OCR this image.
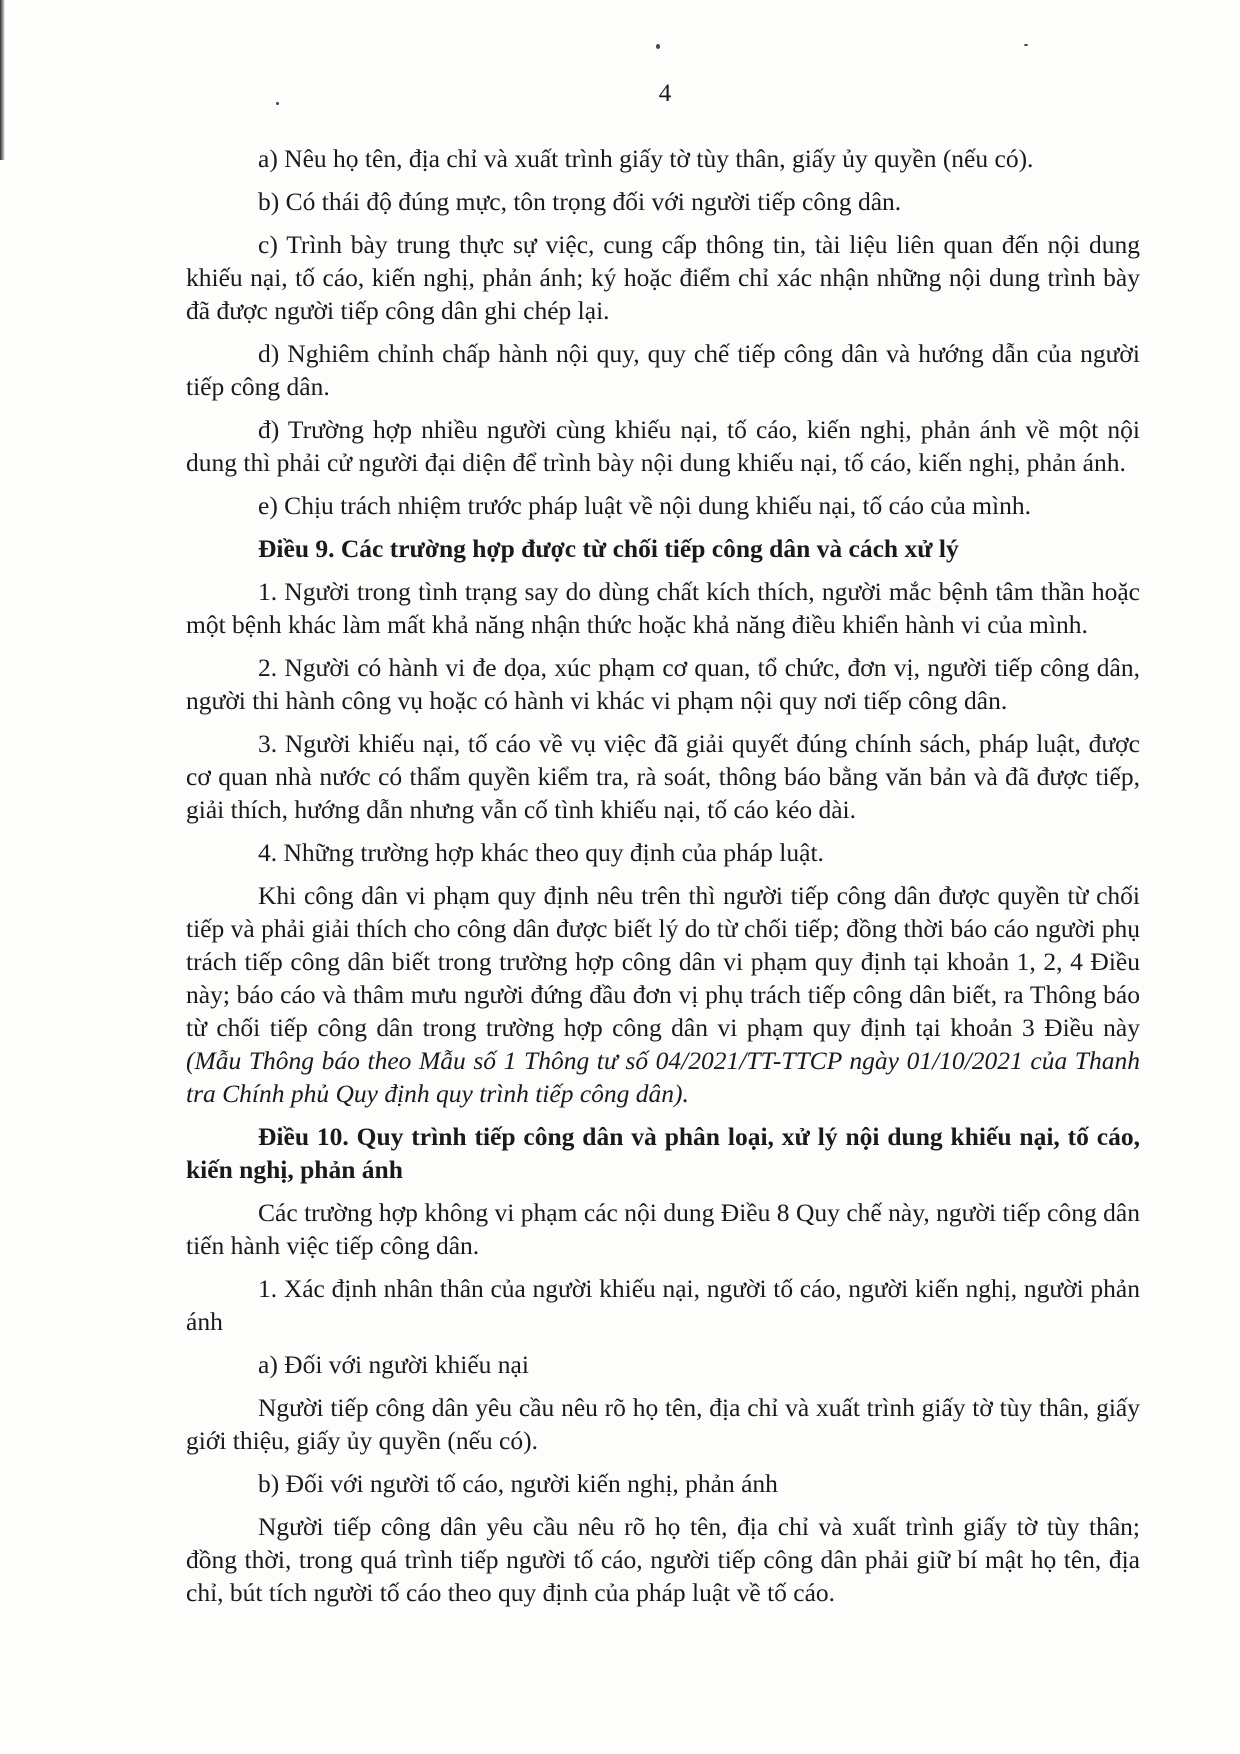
4

a) Nêu họ tên, địa chỉ và xuất trình giấy tờ tùy thân, giấy ủy quyền (nếu có).

b) Có thái độ đúng mực, tôn trọng đối với người tiếp công dân.

c) Trình bày trung thực sự việc, cung cấp thông tin, tài liệu liên quan đến nội dung khiếu nại, tố cáo, kiến nghị, phản ánh; ký hoặc điểm chỉ xác nhận những nội dung trình bày đã được người tiếp công dân ghi chép lại.

d) Nghiêm chỉnh chấp hành nội quy, quy chế tiếp công dân và hướng dẫn của người tiếp công dân.

đ) Trường hợp nhiều người cùng khiếu nại, tố cáo, kiến nghị, phản ánh về một nội dung thì phải cử người đại diện để trình bày nội dung khiếu nại, tố cáo, kiến nghị, phản ánh.

e) Chịu trách nhiệm trước pháp luật về nội dung khiếu nại, tố cáo của mình.

Điều 9. Các trường hợp được từ chối tiếp công dân và cách xử lý

1. Người trong tình trạng say do dùng chất kích thích, người mắc bệnh tâm thần hoặc một bệnh khác làm mất khả năng nhận thức hoặc khả năng điều khiển hành vi của mình.

2. Người có hành vi đe dọa, xúc phạm cơ quan, tổ chức, đơn vị, người tiếp công dân, người thi hành công vụ hoặc có hành vi khác vi phạm nội quy nơi tiếp công dân.

3. Người khiếu nại, tố cáo về vụ việc đã giải quyết đúng chính sách, pháp luật, được cơ quan nhà nước có thẩm quyền kiểm tra, rà soát, thông báo bằng văn bản và đã được tiếp, giải thích, hướng dẫn nhưng vẫn cố tình khiếu nại, tố cáo kéo dài.

4. Những trường hợp khác theo quy định của pháp luật.

Khi công dân vi phạm quy định nêu trên thì người tiếp công dân được quyền từ chối tiếp và phải giải thích cho công dân được biết lý do từ chối tiếp; đồng thời báo cáo người phụ trách tiếp công dân biết trong trường hợp công dân vi phạm quy định tại khoản 1, 2, 4 Điều này; báo cáo và thâm mưu người đứng đầu đơn vị phụ trách tiếp công dân biết, ra Thông báo từ chối tiếp công dân trong trường hợp công dân vi phạm quy định tại khoản 3 Điều này (Mẫu Thông báo theo Mẫu số 1 Thông tư số 04/2021/TT-TTCP ngày 01/10/2021 của Thanh tra Chính phủ Quy định quy trình tiếp công dân).

Điều 10. Quy trình tiếp công dân và phân loại, xử lý nội dung khiếu nại, tố cáo, kiến nghị, phản ánh

Các trường hợp không vi phạm các nội dung Điều 8 Quy chế này, người tiếp công dân tiến hành việc tiếp công dân.

1. Xác định nhân thân của người khiếu nại, người tố cáo, người kiến nghị, người phản ánh

a) Đối với người khiếu nại

Người tiếp công dân yêu cầu nêu rõ họ tên, địa chỉ và xuất trình giấy tờ tùy thân, giấy giới thiệu, giấy ủy quyền (nếu có).

b) Đối với người tố cáo, người kiến nghị, phản ánh

Người tiếp công dân yêu cầu nêu rõ họ tên, địa chỉ và xuất trình giấy tờ tùy thân; đồng thời, trong quá trình tiếp người tố cáo, người tiếp công dân phải giữ bí mật họ tên, địa chỉ, bút tích người tố cáo theo quy định của pháp luật về tố cáo.
